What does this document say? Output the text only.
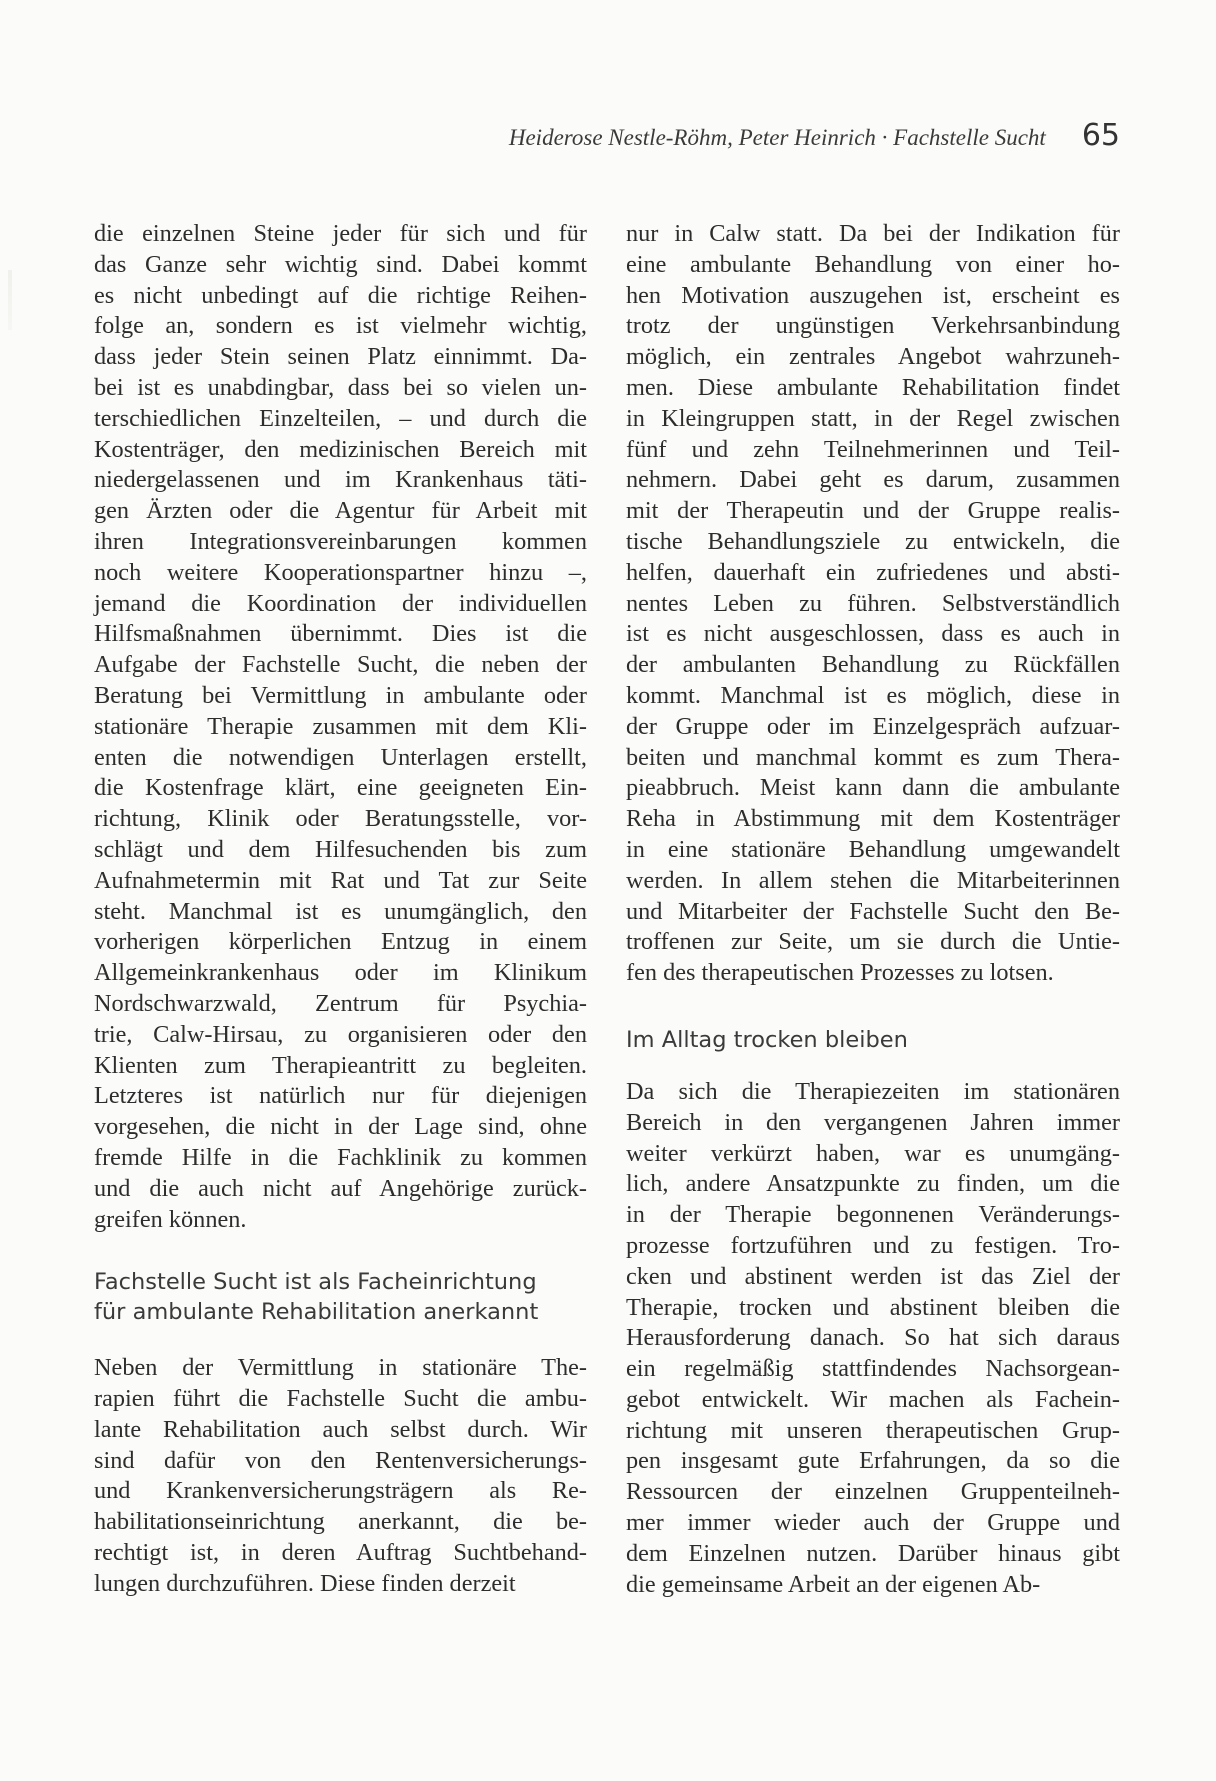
Heiderose Nestle-Röhm, Peter Heinrich · Fachstelle Sucht 65
die einzelnen Steine jeder für sich und für
das Ganze sehr wichtig sind. Dabei kommt
es nicht unbedingt auf die richtige Reihen-
folge an, sondern es ist vielmehr wichtig,
dass jeder Stein seinen Platz einnimmt. Da-
bei ist es unabdingbar, dass bei so vielen un-
terschiedlichen Einzelteilen, – und durch die
Kostenträger, den medizinischen Bereich mit
niedergelassenen und im Krankenhaus täti-
gen Ärzten oder die Agentur für Arbeit mit
ihren Integrationsvereinbarungen kommen
noch weitere Kooperationspartner hinzu –,
jemand die Koordination der individuellen
Hilfsmaßnahmen übernimmt. Dies ist die
Aufgabe der Fachstelle Sucht, die neben der
Beratung bei Vermittlung in ambulante oder
stationäre Therapie zusammen mit dem Kli-
enten die notwendigen Unterlagen erstellt,
die Kostenfrage klärt, eine geeigneten Ein-
richtung, Klinik oder Beratungsstelle, vor-
schlägt und dem Hilfesuchenden bis zum
Aufnahmetermin mit Rat und Tat zur Seite
steht. Manchmal ist es unumgänglich, den
vorherigen körperlichen Entzug in einem
Allgemeinkrankenhaus oder im Klinikum
Nordschwarzwald, Zentrum für Psychia-
trie, Calw-Hirsau, zu organisieren oder den
Klienten zum Therapieantritt zu begleiten.
Letzteres ist natürlich nur für diejenigen
vorgesehen, die nicht in der Lage sind, ohne
fremde Hilfe in die Fachklinik zu kommen
und die auch nicht auf Angehörige zurück-
greifen können.
Fachstelle Sucht ist als Facheinrichtung
für ambulante Rehabilitation anerkannt
Neben der Vermittlung in stationäre The-
rapien führt die Fachstelle Sucht die ambu-
lante Rehabilitation auch selbst durch. Wir
sind dafür von den Rentenversicherungs-
und Krankenversicherungsträgern als Re-
habilitationseinrichtung anerkannt, die be-
rechtigt ist, in deren Auftrag Suchtbehand-
lungen durchzuführen. Diese finden derzeit
nur in Calw statt. Da bei der Indikation für
eine ambulante Behandlung von einer ho-
hen Motivation auszugehen ist, erscheint es
trotz der ungünstigen Verkehrsanbindung
möglich, ein zentrales Angebot wahrzuneh-
men. Diese ambulante Rehabilitation findet
in Kleingruppen statt, in der Regel zwischen
fünf und zehn Teilnehmerinnen und Teil-
nehmern. Dabei geht es darum, zusammen
mit der Therapeutin und der Gruppe realis-
tische Behandlungsziele zu entwickeln, die
helfen, dauerhaft ein zufriedenes und absti-
nentes Leben zu führen. Selbstverständlich
ist es nicht ausgeschlossen, dass es auch in
der ambulanten Behandlung zu Rückfällen
kommt. Manchmal ist es möglich, diese in
der Gruppe oder im Einzelgespräch aufzuar-
beiten und manchmal kommt es zum Thera-
pieabbruch. Meist kann dann die ambulante
Reha in Abstimmung mit dem Kostenträger
in eine stationäre Behandlung umgewandelt
werden. In allem stehen die Mitarbeiterinnen
und Mitarbeiter der Fachstelle Sucht den Be-
troffenen zur Seite, um sie durch die Untie-
fen des therapeutischen Prozesses zu lotsen.
Im Alltag trocken bleiben
Da sich die Therapiezeiten im stationären
Bereich in den vergangenen Jahren immer
weiter verkürzt haben, war es unumgäng-
lich, andere Ansatzpunkte zu finden, um die
in der Therapie begonnenen Veränderungs-
prozesse fortzuführen und zu festigen. Tro-
cken und abstinent werden ist das Ziel der
Therapie, trocken und abstinent bleiben die
Herausforderung danach. So hat sich daraus
ein regelmäßig stattfindendes Nachsorgean-
gebot entwickelt. Wir machen als Fachein-
richtung mit unseren therapeutischen Grup-
pen insgesamt gute Erfahrungen, da so die
Ressourcen der einzelnen Gruppenteilneh-
mer immer wieder auch der Gruppe und
dem Einzelnen nutzen. Darüber hinaus gibt
die gemeinsame Arbeit an der eigenen Ab-
